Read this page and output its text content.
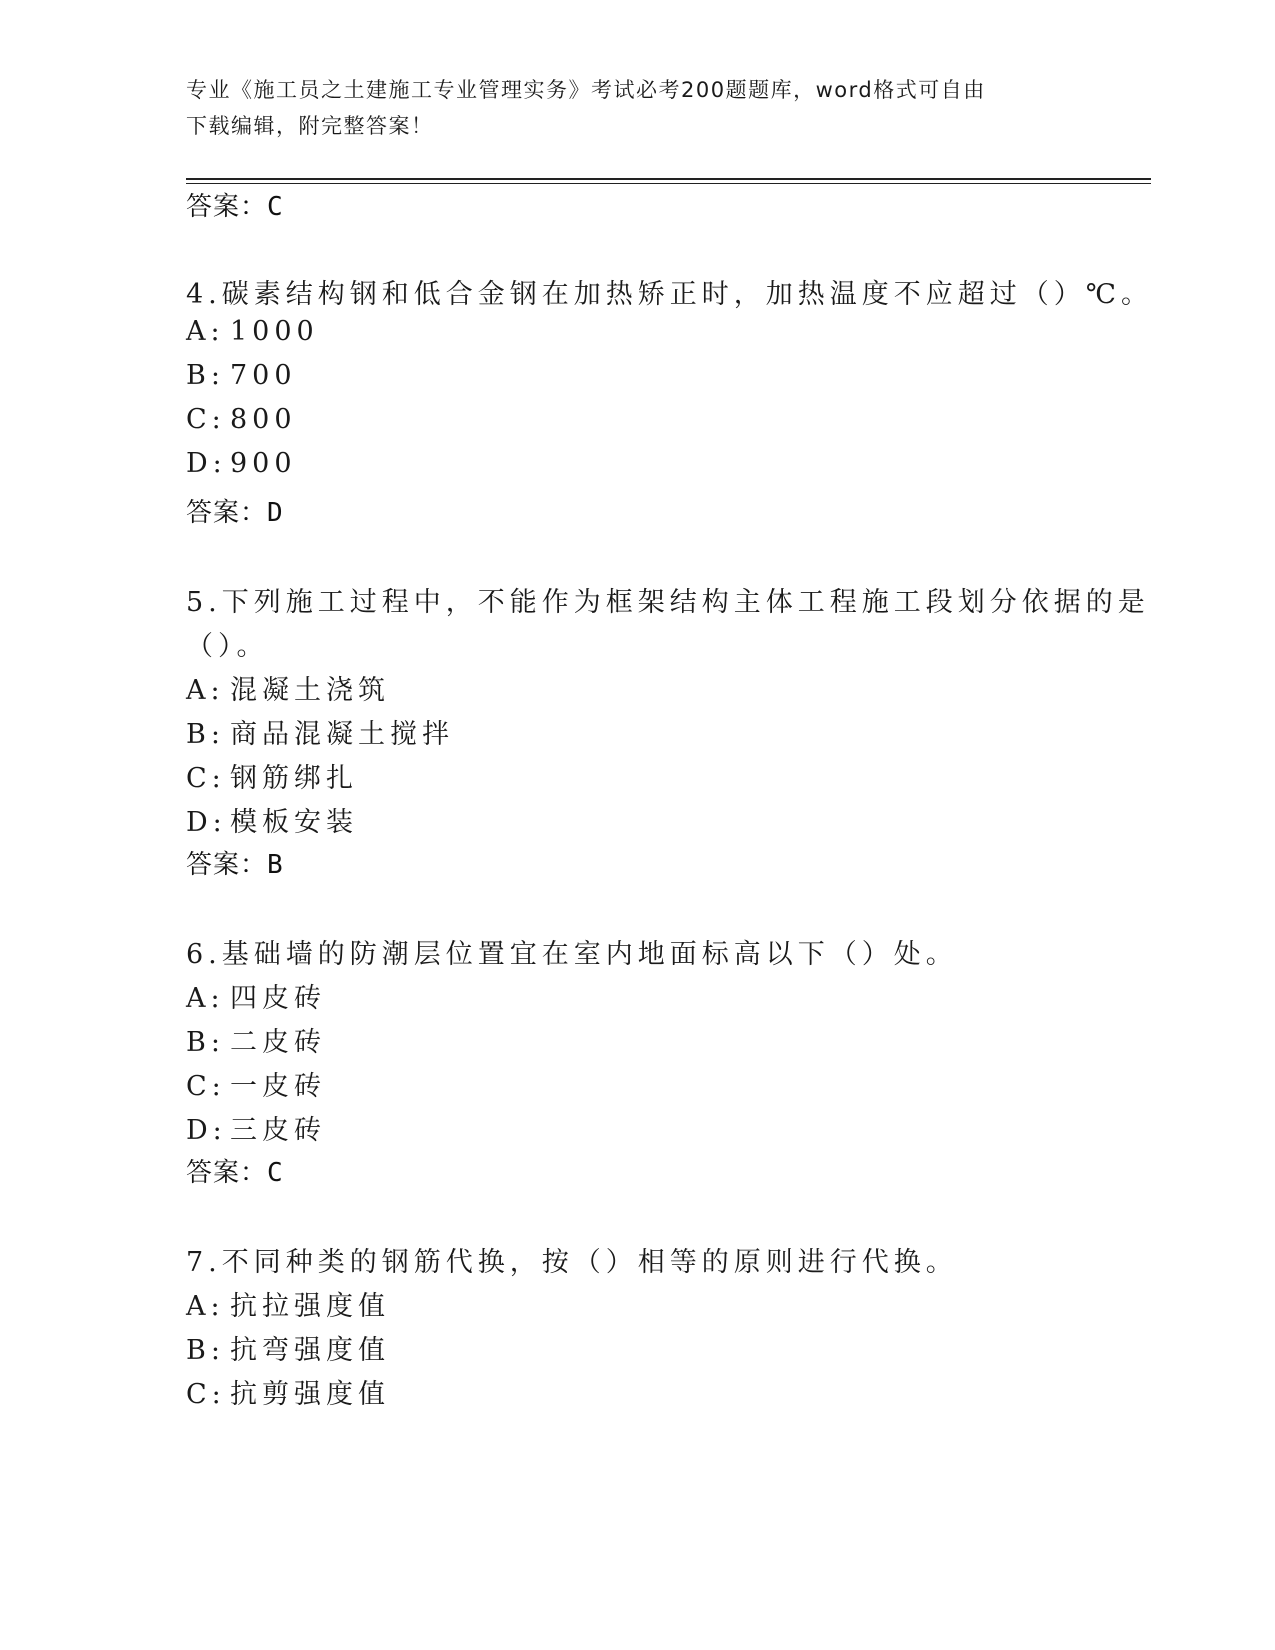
专业《施工员之土建施工专业管理实务》考试必考200题题库，word格式可自由
下载编辑，附完整答案！
答案：C
4.碳素结构钢和低合金钢在加热矫正时，加热温度不应超过（）℃。
A: 1000
B: 700
C: 800
D: 900
答案：D
5.下列施工过程中，不能作为框架结构主体工程施工段划分依据的是
（）。
A: 混凝土浇筑
B: 商品混凝土搅拌
C: 钢筋绑扎
D: 模板安装
答案：B
6.基础墙的防潮层位置宜在室内地面标高以下（）处。
A: 四皮砖
B: 二皮砖
C: 一皮砖
D: 三皮砖
答案：C
7.不同种类的钢筋代换，按（）相等的原则进行代换。
A: 抗拉强度值
B: 抗弯强度值
C: 抗剪强度值
